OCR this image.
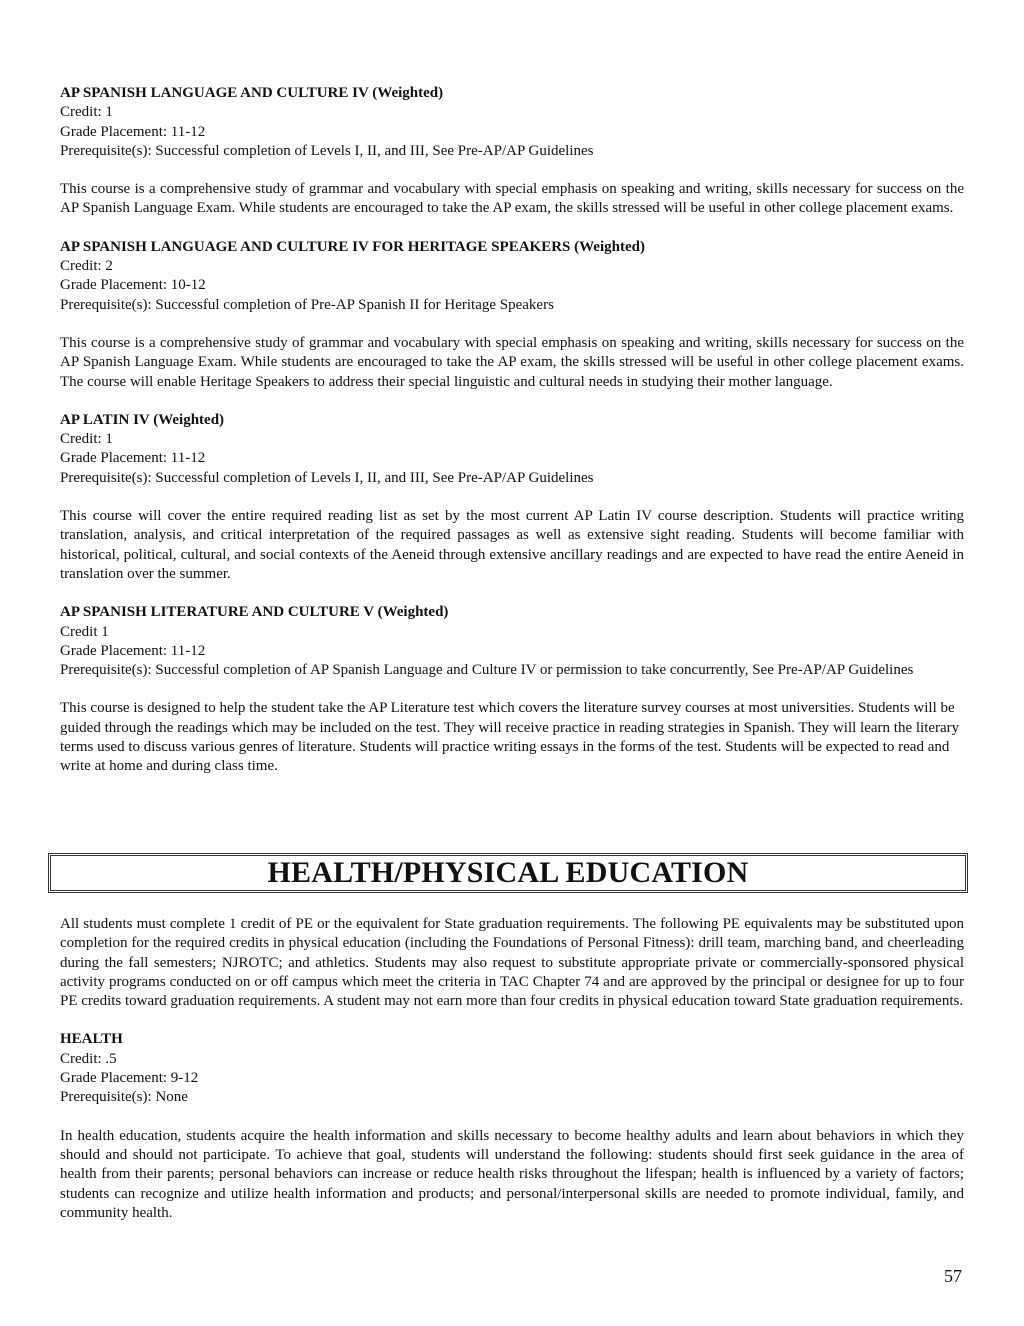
AP SPANISH LANGUAGE AND CULTURE IV (Weighted)
Credit: 1
Grade Placement: 11-12
Prerequisite(s): Successful completion of Levels I, II, and III, See Pre-AP/AP Guidelines
This course is a comprehensive study of grammar and vocabulary with special emphasis on speaking and writing, skills necessary for success on the AP Spanish Language Exam. While students are encouraged to take the AP exam, the skills stressed will be useful in other college placement exams.
AP SPANISH LANGUAGE AND CULTURE IV FOR HERITAGE SPEAKERS (Weighted)
Credit: 2
Grade Placement: 10-12
Prerequisite(s): Successful completion of Pre-AP Spanish II for Heritage Speakers
This course is a comprehensive study of grammar and vocabulary with special emphasis on speaking and writing, skills necessary for success on the AP Spanish Language Exam. While students are encouraged to take the AP exam, the skills stressed will be useful in other college placement exams. The course will enable Heritage Speakers to address their special linguistic and cultural needs in studying their mother language.
AP LATIN IV (Weighted)
Credit: 1
Grade Placement: 11-12
Prerequisite(s): Successful completion of Levels I, II, and III, See Pre-AP/AP Guidelines
This course will cover the entire required reading list as set by the most current AP Latin IV course description. Students will practice writing translation, analysis, and critical interpretation of the required passages as well as extensive sight reading. Students will become familiar with historical, political, cultural, and social contexts of the Aeneid through extensive ancillary readings and are expected to have read the entire Aeneid in translation over the summer.
AP SPANISH LITERATURE AND CULTURE V (Weighted)
Credit 1
Grade Placement: 11-12
Prerequisite(s): Successful completion of AP Spanish Language and Culture IV or permission to take concurrently, See Pre-AP/AP Guidelines
This course is designed to help the student take the AP Literature test which covers the literature survey courses at most universities. Students will be guided through the readings which may be included on the test. They will receive practice in reading strategies in Spanish. They will learn the literary terms used to discuss various genres of literature. Students will practice writing essays in the forms of the test. Students will be expected to read and write at home and during class time.
HEALTH/PHYSICAL EDUCATION
All students must complete 1 credit of PE or the equivalent for State graduation requirements. The following PE equivalents may be substituted upon completion for the required credits in physical education (including the Foundations of Personal Fitness): drill team, marching band, and cheerleading during the fall semesters; NJROTC; and athletics. Students may also request to substitute appropriate private or commercially-sponsored physical activity programs conducted on or off campus which meet the criteria in TAC Chapter 74 and are approved by the principal or designee for up to four PE credits toward graduation requirements. A student may not earn more than four credits in physical education toward State graduation requirements.
HEALTH
Credit: .5
Grade Placement: 9-12
Prerequisite(s): None
In health education, students acquire the health information and skills necessary to become healthy adults and learn about behaviors in which they should and should not participate. To achieve that goal, students will understand the following: students should first seek guidance in the area of health from their parents; personal behaviors can increase or reduce health risks throughout the lifespan; health is influenced by a variety of factors; students can recognize and utilize health information and products; and personal/interpersonal skills are needed to promote individual, family, and community health.
57
